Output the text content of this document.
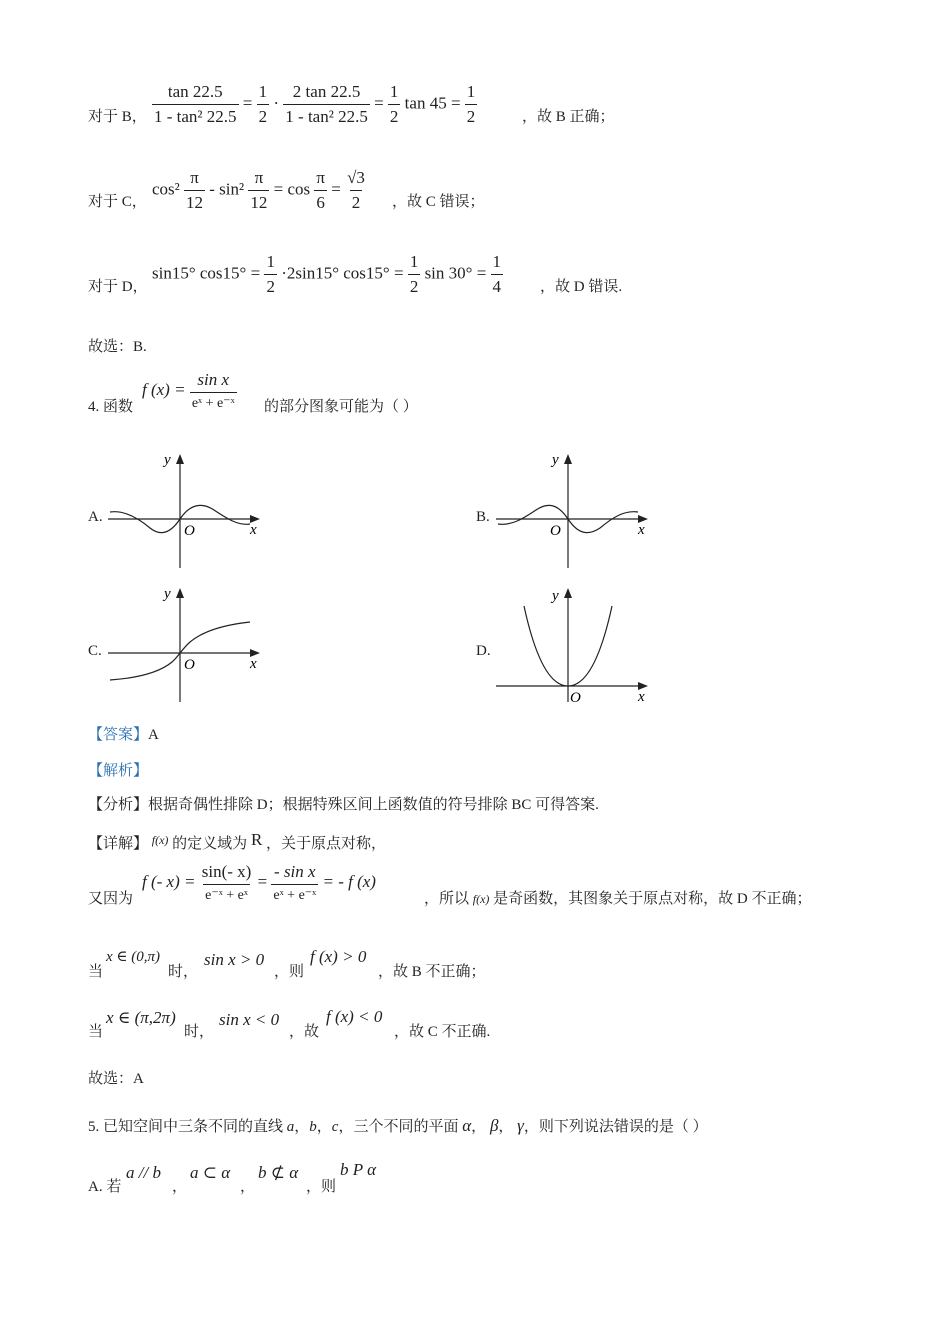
对于 B， $\frac{\tan 22.5}{\text{1 - tan² 22.5}} = \frac{1}{2} \cdot \frac{2 \tan 22.5}{\text{1 - tan² 22.5}} = \frac{1}{2}$ $\tan 45 = \frac{1}{2}$	，故 B 正确；
对于 C，
$\cos^2 \frac{\pi}{12} - \sin^2 \frac{\pi}{12} = \cos \frac{\pi}{6} = \frac{√3}{2}$ ，故 C 错误；
对于 D，
sin15° $\cos 15^\circ = \frac{1}{2} \cdot 2\sin 15^\circ$ $\cos 15^\circ = \frac{1}{2}$ $\sin 30^\circ = \frac{1}{4}$ ，故 D 错误.
故选：B.
4. 函数
f $(x) = \frac{\text{sin x}}{\text{eˣ + e⁻ˣ}}$ 的部分图象可能为（ ）
A.	B.
C.	D.
y
x
O
y
x
O
y
x
O
y
x
O
【答案】A
【解析】
【分析】根据奇偶性排除 D；根据特殊区间上函数值的符号排除 BC 可得答案.
【详解】 $^{f(x)}$ 的定义域为 R ，关于原点对称，
又因为
f (- $x) = \frac{\sin(- x)}{\text{e⁻ˣ + eˣ}} = \frac{\text{- sin x}}{\text{eˣ + e⁻ˣ}}$ = - f (x)
，所以 f(x) 是奇函数，其图象关于原点对称，故 D 不正确；
当
x ∈ (0,π)
时，
sin x > 0
，则
f (x) > 0
，故 B 不正确；
当
x ∈ (π,2π)
时，
sin x < 0
，故
f (x) < 0
，故 C 不正确.
故选：A
5. 已知空间中三条不同的直线 a，b，c，三个不同的平面 α， β， γ，则下列说法错误的是（ ）
A. 若
a // b
，
a ⊂ α
，
b ⊄ α
，则
b P α
